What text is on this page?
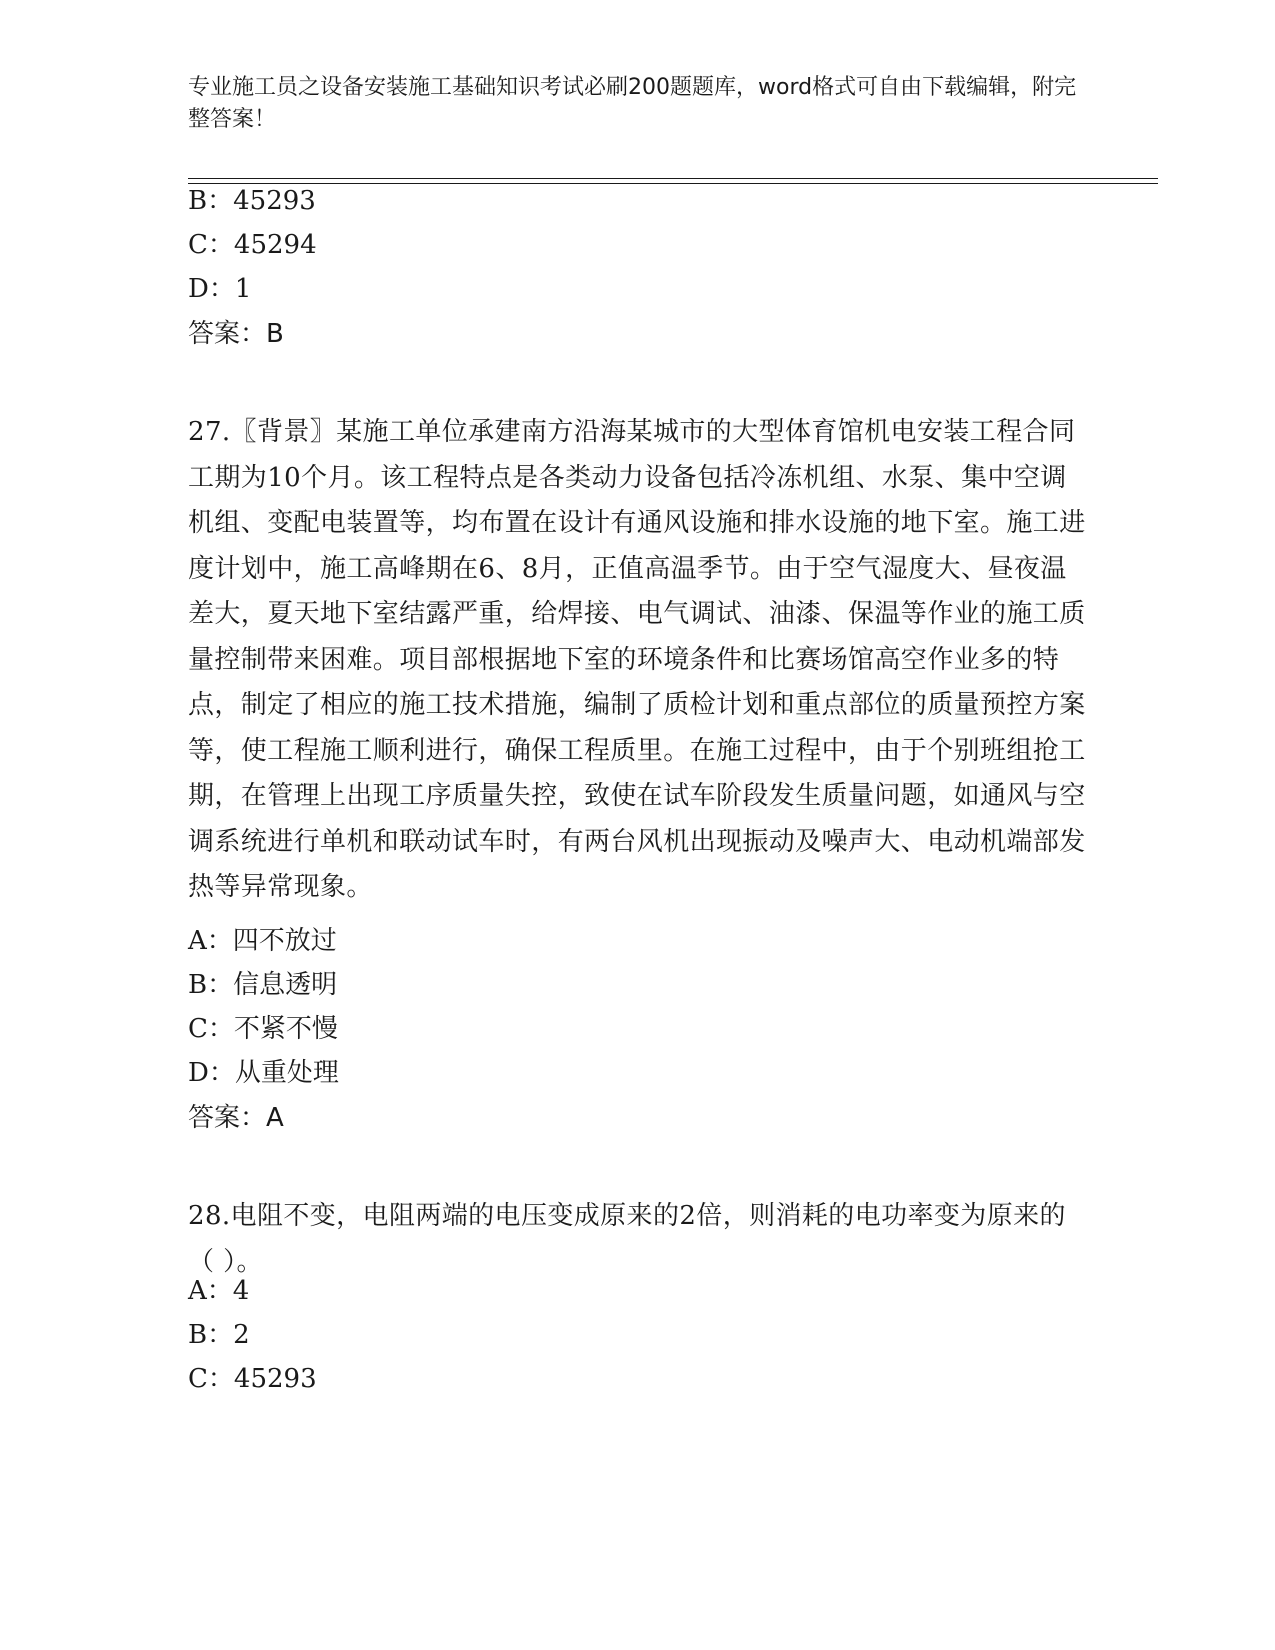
专业施工员之设备安装施工基础知识考试必刷200题题库，word格式可自由下载编辑，附完整答案！
B：45293
C：45294
D：1
答案：B
27.〖背景〗某施工单位承建南方沿海某城市的大型体育馆机电安装工程合同工期为10个月。该工程特点是各类动力设备包括冷冻机组、水泵、集中空调机组、变配电装置等，均布置在设计有通风设施和排水设施的地下室。施工进度计划中，施工高峰期在6、8月，正值高温季节。由于空气湿度大、昼夜温差大，夏天地下室结露严重，给焊接、电气调试、油漆、保温等作业的施工质量控制带来困难。项目部根据地下室的环境条件和比赛场馆高空作业多的特点，制定了相应的施工技术措施，编制了质检计划和重点部位的质量预控方案等，使工程施工顺利进行，确保工程质里。在施工过程中，由于个别班组抢工期，在管理上出现工序质量失控，致使在试车阶段发生质量问题，如通风与空调系统进行单机和联动试车时，有两台风机出现振动及噪声大、电动机端部发热等异常现象。
A：四不放过
B：信息透明
C：不紧不慢
D：从重处理
答案：A
28.电阻不变，电阻两端的电压变成原来的2倍，则消耗的电功率变为原来的（ ）。
A：4
B：2
C：45293
